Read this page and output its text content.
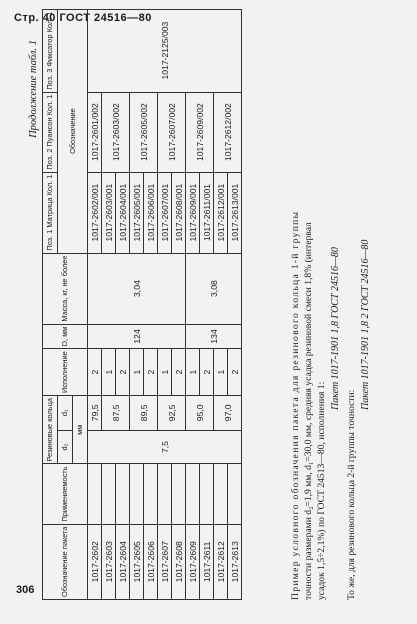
Стр. 40 ГОСТ 24516—80
Продолжение табл. 1
Обозначение пакета	Применяемость	Резиновые кольца		Исполнение	D, мм	Масса, кг, не более	Поз. 1 Матрица Кол. 1	Поз. 2 Пуансон Кол. 1	Поз. 3 Фиксатор Кол. 1
		d₂	d₁				Обозначение		
		мм							
1017-2602		7,5	79,5	2	124	3,04	1017-2602/001	1017-2601/002	1017-2125/003
1017-2603			87,5	1			1017-2603/001	1017-2603/002	
1017-2604				2			1017-2604/001		
1017-2605			89,5	1			1017-2605/001	1017-2605/002	
1017-2606				2			1017-2606/001		
1017-2607			92,5	1			1017-2607/001	1017-2607/002	
1017-2608				2			1017-2608/001		
1017-2609			95,0	1	134	3,08	1017-2609/001	1017-2609/002	
1017-2611				2			1017-2611/001		
1017-2612			97,0	1			1017-2612/001	1017-2612/002	
1017-2613				2			1017-2613/001			Пример условного обозначения пакета для резинового кольца 1-й группы точности размерами d₂=1,9 мм, d₁=30,0 мм, средняя усадка резиновой смеси 1,8% (интервал усадок 1,5÷2,1%) по ГОСТ 24513—80, исполнения 1:
Пакет 1017-1901 1,8 ГОСТ 24516—80
То же, для резинового кольца 2-й группы точности:
Пакет 1017-1901 1,8 2 ГОСТ 24516—80
306
